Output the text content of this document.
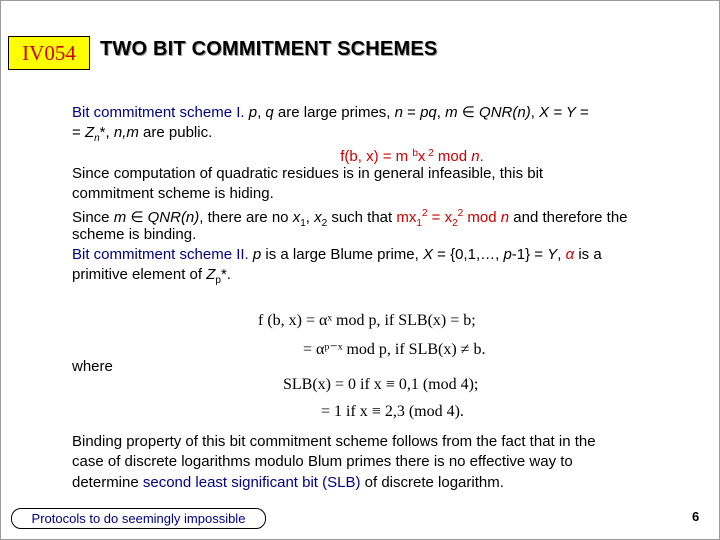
IV054	TWO BIT COMMITMENT SCHEMES
Bit commitment scheme I. p, q are large primes, n = pq, m ∈ QNR(n), X = Y =
= $Z_n*$, n,m are public.
f(b, x) = m $^b$x $^2$ mod n.
Since computation of quadratic residues is in general infeasible, this bit
commitment scheme is hiding.
Since m ∈ QNR(n), there are no $x_1$, $x_2$ such that $mx_1^2 = x_2^2$ mod n and therefore the
scheme is binding.
Bit commitment scheme II. p is a large Blume prime, X = {0,1,…, p-1} = Y, α is a
primitive element of $Z_p*$.
f (b, x) = αˣ mod p, if SLB(x) = b;
= αᵖ⁻ˣ mod p, if SLB(x) ≠ b.
where
SLB(x) = 0 if x ≡ 0,1 (mod 4);
= 1 if x ≡ 2,3 (mod 4).
Binding property of this bit commitment scheme follows from the fact that in the
case of discrete logarithms modulo Blum primes there is no effective way to
determine second least significant bit (SLB) of discrete logarithm.
Protocols to do seemingly impossible	6
